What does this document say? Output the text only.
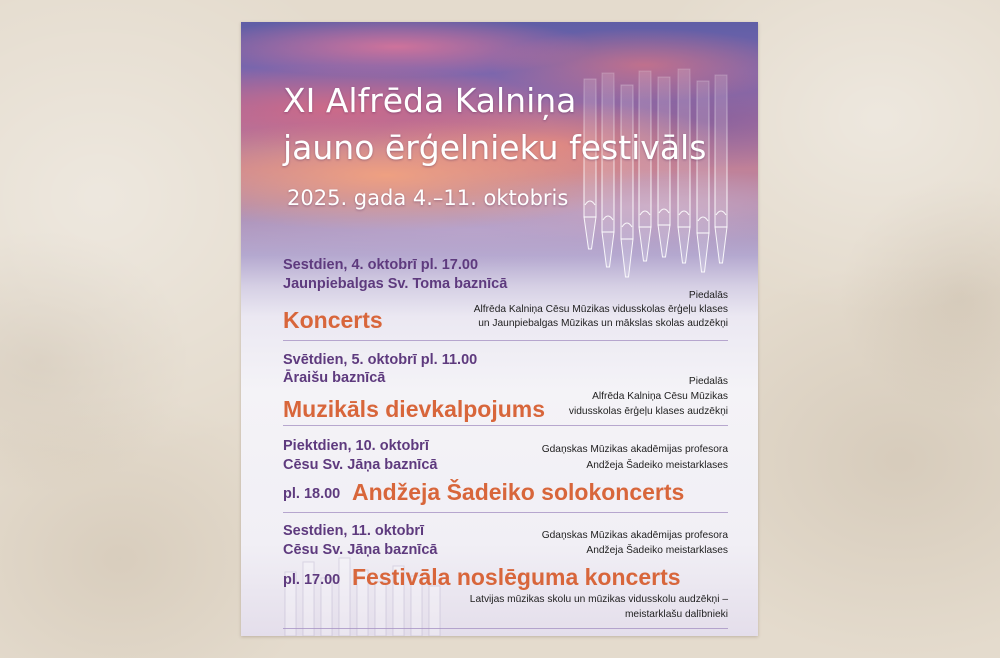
XI Alfrēda Kalniņa
jauno ērģelnieku festivāls
2025. gada 4.–11. oktobris
Sestdien, 4. oktobrī pl. 17.00
Jaunpiebalgas Sv. Toma baznīcā
Piedalās
Alfrēda Kalniņa Cēsu Mūzikas vidusskolas ērģeļu klases
un Jaunpiebalgas Mūzikas un mākslas skolas audzēkņi
Koncerts
Svētdien, 5. oktobrī pl. 11.00
Āraišu baznīcā	Piedalās
Alfrēda Kalniņa Cēsu Mūzikas
vidusskolas ērģeļu klases audzēkņi
Muzikāls dievkalpojums
Piektdien, 10. oktobrī
Cēsu Sv. Jāņa baznīcā
Gdaņskas Mūzikas akadēmijas profesora
Andžeja Šadeiko meistarklases
pl. 18.00 Andžeja Šadeiko solokoncerts
Sestdien, 11. oktobrī
Cēsu Sv. Jāņa baznīcā
Gdaņskas Mūzikas akadēmijas profesora
Andžeja Šadeiko meistarklases
pl. 17.00 Festivāla noslēguma koncerts
Latvijas mūzikas skolu un mūzikas vidusskolu audzēkņi –
meistarklašu dalībnieki
